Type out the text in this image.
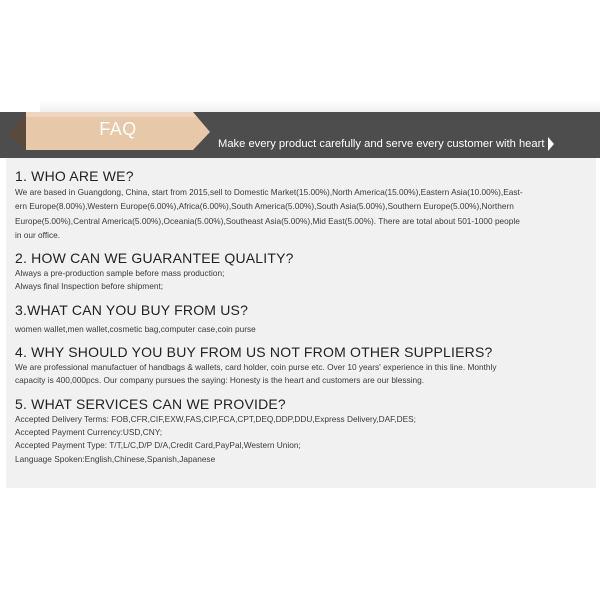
FAQ
Make every product carefully and serve every customer with heart
1. WHO ARE WE?

We are based in Guangdong, China, start from 2015,sell to Domestic Market(15.00%),North America(15.00%),Eastern Asia(10.00%),East-

ern Europe(8.00%),Western Europe(6.00%),Africa(6.00%),South America(5.00%),South Asia(5.00%),Southern Europe(5.00%),Northern

Europe(5.00%),Central America(5.00%),Oceania(5.00%),Southeast Asia(5.00%),Mid East(5.00%). There are total about 501-1000 people

in our office.

2. HOW CAN WE GUARANTEE QUALITY?

Always a pre-production sample before mass production;

Always final Inspection before shipment;

3.WHAT CAN YOU BUY FROM US?

women wallet,men wallet,cosmetic bag,computer case,coin purse

4. WHY SHOULD YOU BUY FROM US NOT FROM OTHER SUPPLIERS?

We are professional manufactuer of handbags & wallets, card holder, coin purse etc. Over 10 years' experience in this line. Monthly

capacity is 400,000pcs. Our company pursues the saying: Honesty is the heart and customers are our blessing.

5. WHAT SERVICES CAN WE PROVIDE?

Accepted Delivery Terms: FOB,CFR,CIF,EXW,FAS,CIP,FCA,CPT,DEQ,DDP,DDU,Express Delivery,DAF,DES;

Accepted Payment Currency:USD,CNY;

Accepted Payment Type: T/T,L/C,D/P D/A,Credit Card,PayPal,Western Union;

Language Spoken:English,Chinese,Spanish,Japanese
